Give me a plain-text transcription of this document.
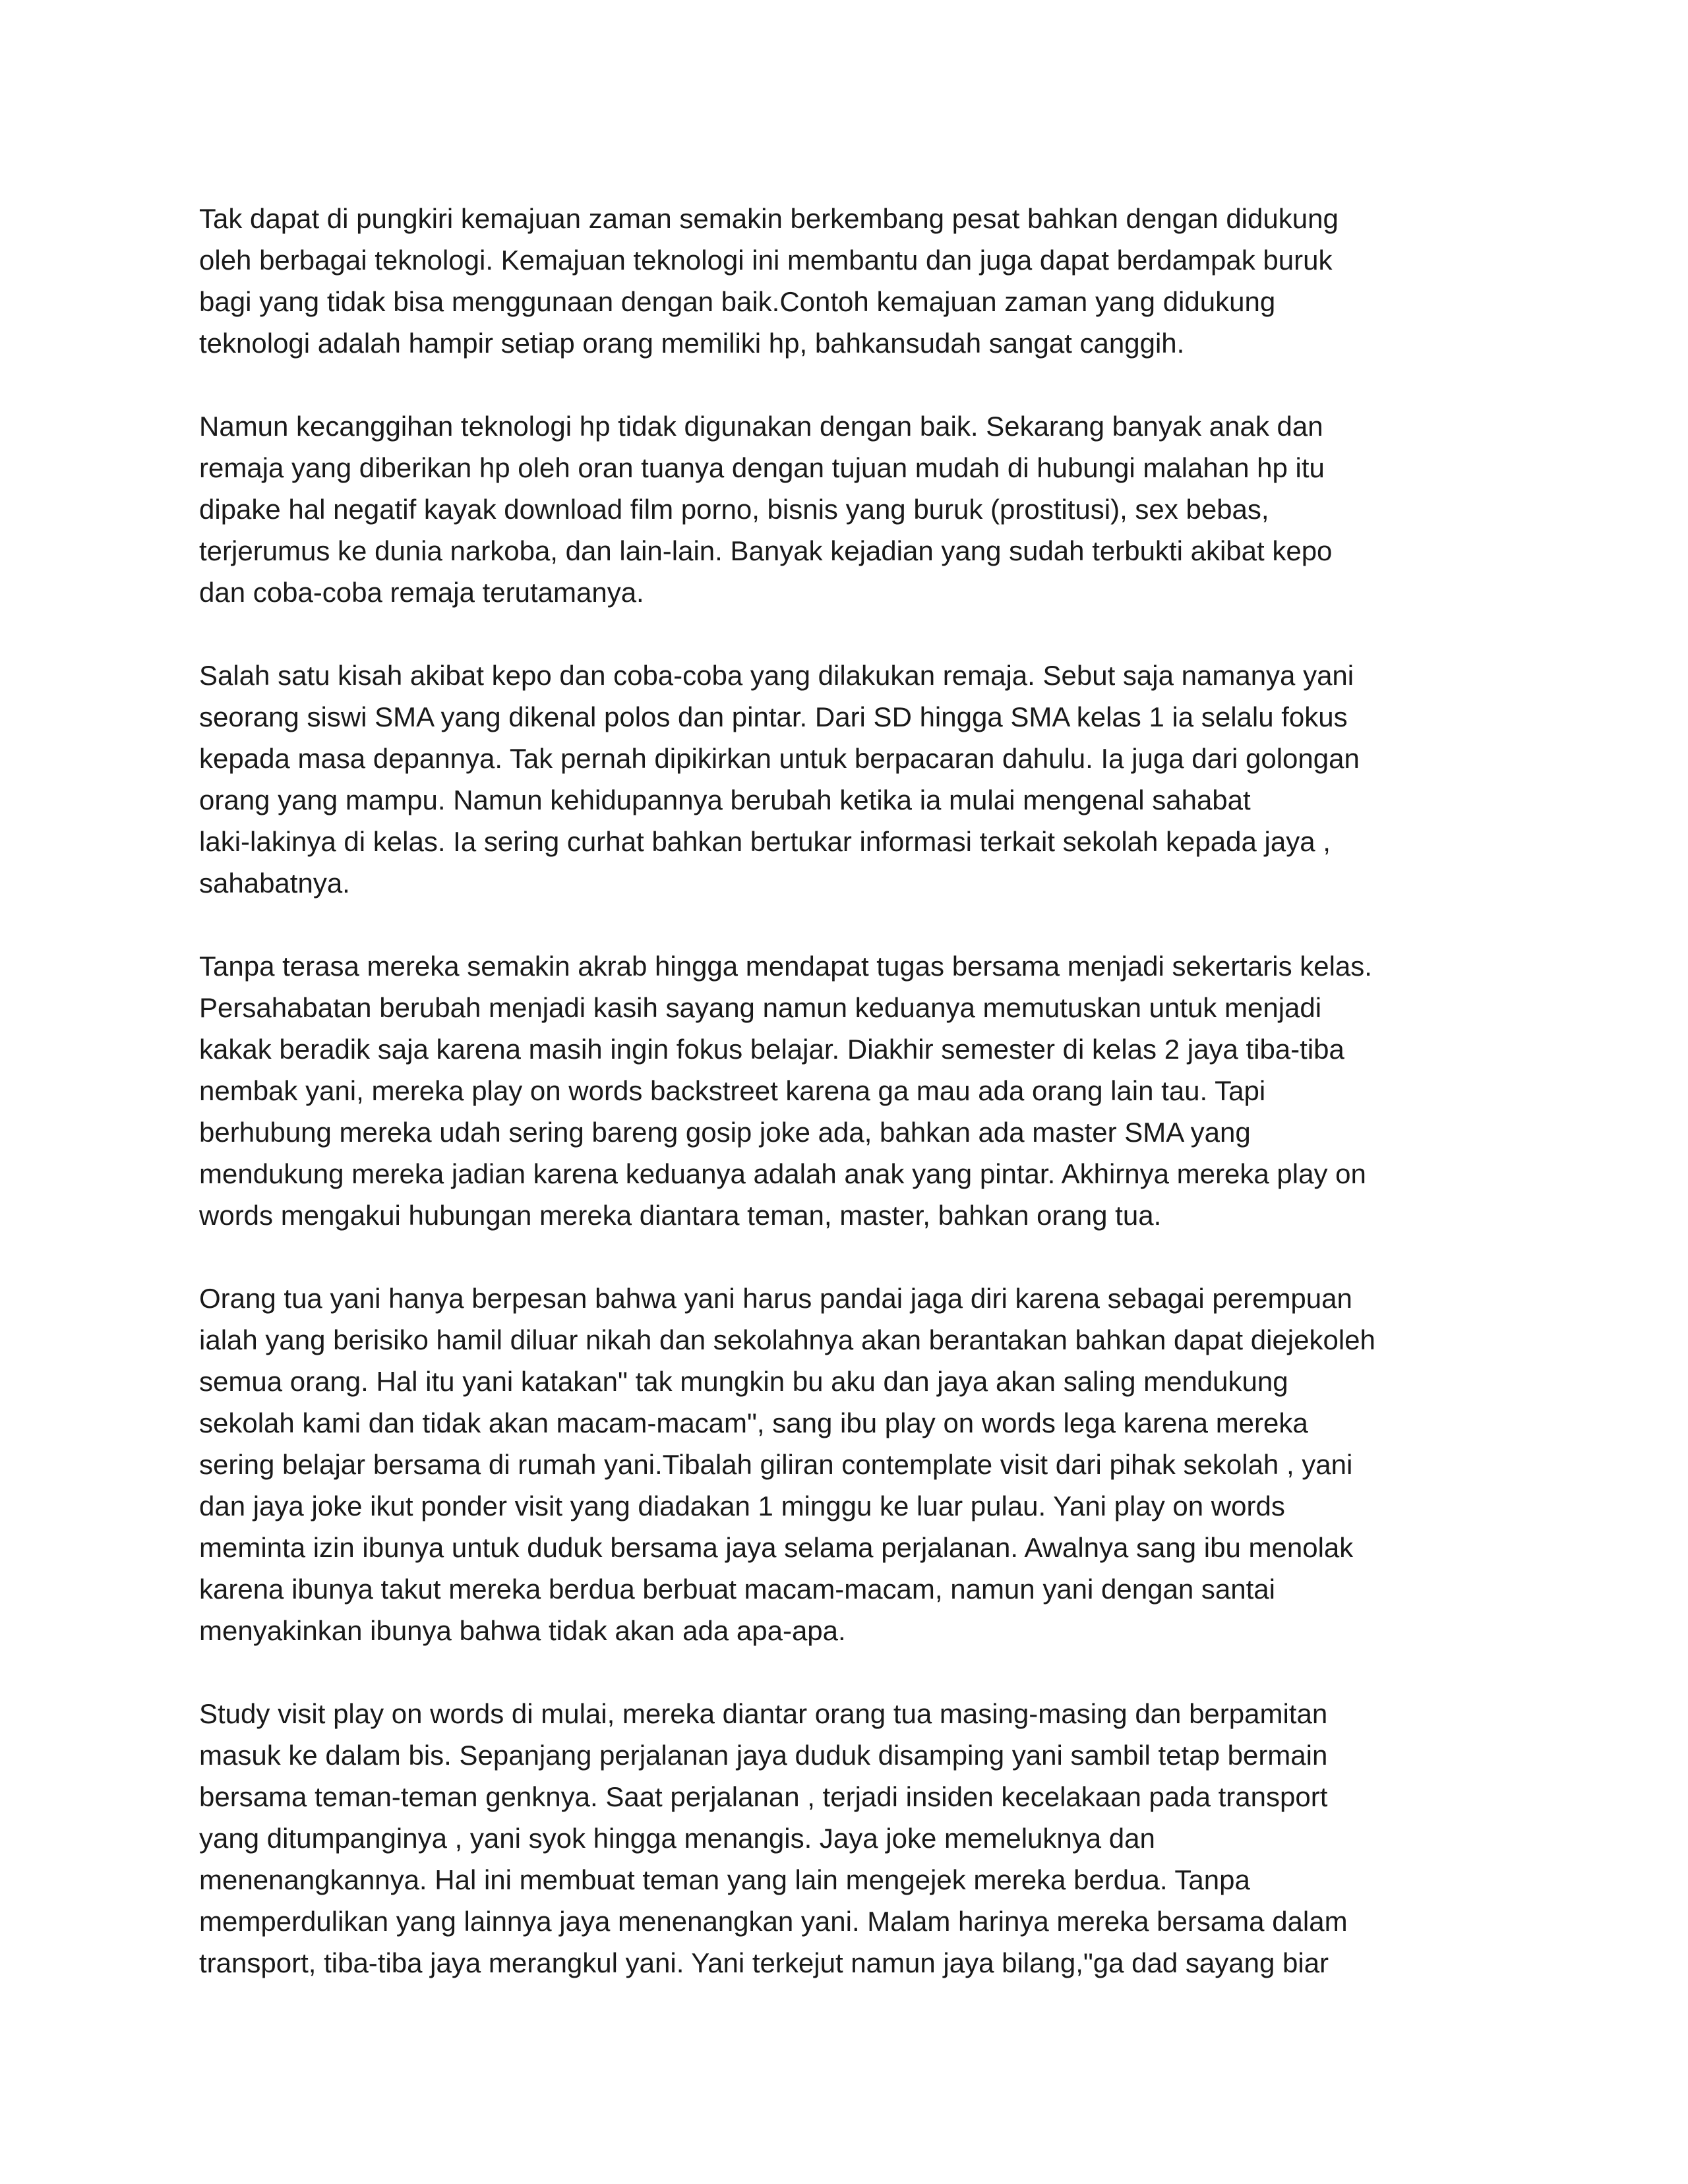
Tak dapat di pungkiri kemajuan zaman semakin berkembang pesat bahkan dengan didukung
oleh berbagai teknologi. Kemajuan teknologi ini membantu dan juga dapat berdampak buruk
bagi yang tidak bisa menggunaan dengan baik.Contoh kemajuan zaman yang didukung
teknologi adalah hampir setiap orang memiliki hp, bahkansudah sangat canggih.
Namun kecanggihan teknologi hp tidak digunakan dengan baik. Sekarang banyak anak dan
remaja yang diberikan hp oleh oran tuanya dengan tujuan mudah di hubungi malahan hp itu
dipake hal negatif kayak download film porno, bisnis yang buruk (prostitusi), sex bebas,
terjerumus ke dunia narkoba, dan lain-lain. Banyak kejadian yang sudah terbukti akibat kepo
dan coba-coba remaja terutamanya.
Salah satu kisah akibat kepo dan coba-coba yang dilakukan remaja. Sebut saja namanya yani
seorang siswi SMA yang dikenal polos dan pintar. Dari SD hingga SMA kelas 1 ia selalu fokus
kepada masa depannya. Tak pernah dipikirkan untuk berpacaran dahulu. Ia juga dari golongan
orang yang mampu. Namun kehidupannya berubah ketika ia mulai mengenal sahabat
laki-lakinya di kelas. Ia sering curhat bahkan bertukar informasi terkait sekolah kepada jaya ,
sahabatnya.
Tanpa terasa mereka semakin akrab hingga mendapat tugas bersama menjadi sekertaris kelas.
Persahabatan berubah menjadi kasih sayang namun keduanya memutuskan untuk menjadi
kakak beradik saja karena masih ingin fokus belajar. Diakhir semester di kelas 2 jaya tiba-tiba
nembak yani, mereka play on words backstreet karena ga mau ada orang lain tau. Tapi
berhubung mereka udah sering bareng gosip joke ada, bahkan ada master SMA yang
mendukung mereka jadian karena keduanya adalah anak yang pintar. Akhirnya mereka play on
words mengakui hubungan mereka diantara teman, master, bahkan orang tua.
Orang tua yani hanya berpesan bahwa yani harus pandai jaga diri karena sebagai perempuan
ialah yang berisiko hamil diluar nikah dan sekolahnya akan berantakan bahkan dapat diejekoleh
semua orang. Hal itu yani katakan" tak mungkin bu aku dan jaya akan saling mendukung
sekolah kami dan tidak akan macam-macam", sang ibu play on words lega karena mereka
sering belajar bersama di rumah yani.Tibalah giliran contemplate visit dari pihak sekolah , yani
dan jaya joke ikut ponder visit yang diadakan 1 minggu ke luar pulau. Yani play on words
meminta izin ibunya untuk duduk bersama jaya selama perjalanan. Awalnya sang ibu menolak
karena ibunya takut mereka berdua berbuat macam-macam, namun yani dengan santai
menyakinkan ibunya bahwa tidak akan ada apa-apa.
Study visit play on words di mulai, mereka diantar orang tua masing-masing dan berpamitan
masuk ke dalam bis. Sepanjang perjalanan jaya duduk disamping yani sambil tetap bermain
bersama teman-teman genknya. Saat perjalanan , terjadi insiden kecelakaan pada transport
yang ditumpanginya , yani syok hingga menangis. Jaya joke memeluknya dan
menenangkannya. Hal ini membuat teman yang lain mengejek mereka berdua. Tanpa
memperdulikan yang lainnya jaya menenangkan yani. Malam harinya mereka bersama dalam
transport, tiba-tiba jaya merangkul yani. Yani terkejut namun jaya bilang,"ga dad sayang biar
